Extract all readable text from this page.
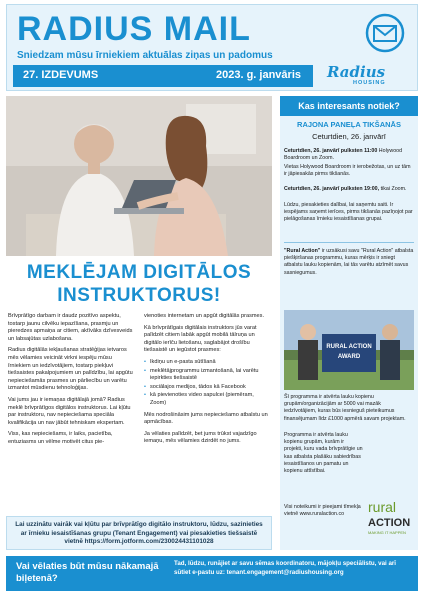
RADIUS MAIL
Sniedzam mūsu īrniekiem aktuālas ziņas un padomus
27. IZDEVUMS	2023. g. janvāris Radius
HOUSING
MEKLĒJAM DIGITĀLOS
INSTRUKTORUS!

Brīvprātīgo darbam ir daudz pozitīvo aspektu, tostarp jaunu cilvēku iepazīšana, prasmju un pieredzes apmaiņa ar citiem, aktīvāks dzīvesveids un labsajūtas uzlabošana.

Radius digitālās iekļaušanas stratēģijas ietvaros mēs vēlamies veicināt virkni iespēju mūsu īrniekiem un iedzīvotājiem, tostarp piekļuvi tiešsaistes pakalpojumiem un palīdzību, lai apgūtu nepieciešamās prasmes un pārliecību un varētu izmantot mūsdienu tehnoloģijas.

Vai jums jau ir iemaņas digitālajā jomā? Radius meklē brīvprātīgos digitālos instruktorus. Lai kļūtu par instruktoru, nav nepieciešama speciāla kvalifikācija un nav jābūt tehniskam ekspertam.

Viss, kas nepieciešams, ir laiks, pacietība, entuziasms un vēlme motivēt citus pie-

vienoties internetam un apgūt digitālās prasmes.

Kā brīvprātīgais digitālais instruktors jūs varat palīdzēt citiem labāk apgūt mobilā tālruņa un digitālo ierīču lietošanu, saglabājot drošību tiešsaistē un iegūstot prasmes:

• Ikdiņu un e-pasta sūtīšanā
• meklētājprogrammu izmantošanā, lai varētu iepirkties tiešsaistē
• sociālajos medijos, tādos kā Facebook
• kā pievienoties video sapulcei (piemēram, Zoom)

Mēs nodrošināsim jums nepieciešamo atbalstu un apmācības.

Ja vēlaties palīdzēt, bet jums trūkst vajadzīgo iemaņu, mēs vēlamies dzirdēt no jums.

Lai uzzinātu vairāk vai kļūtu par brīvprātīgo digitālo instruktoru, lūdzu, sazinieties ar īrnieku iesaistīšanas grupu (Tenant Engagement) vai piesakieties tiešsaistē vietnē https://form.jotform.com/230024431101028
Kas interesants notiek?
RAJONA PANEĻA TIKŠANĀS
Ceturtdien, 26. janvārī
Ceturtdien, 26. janvārī pulksten 11:00 Holywood Boardroom un Zoom.
Vietas Holywood Boardroom ir ierobežotas, un uz tām ir jāpiesakās pirms tikšanās.
Ceturtdien, 26. janvārī pulksten 19:00, tikai Zoom.
Lūdzu, piesakieties dalībai, lai saņemtu saiti. Ir iespējams saņemt ierīces, pirms tikšanās pazīņojot par pielāgošanas īrnieku iesaistīšanas grupai.
"Rural Action" ir uzsākusi savu "Rural Action" atbalsta piešķiršanas programmu, kuras mērķis ir sniegt atbalstu lauku kopienām, lai tās varētu atzīmēt savus sasniegumus.
RURAL ACTION
AWARD
Šī programma ir atvērta lauku kopienu grupām/organizācijām ar 5000 vai mazāk iedzīvotājiem, kuras būs iesnieguš pieteikumus finansējumam līdz £1000 apmērā savam projektam.
Programma ir atvērta lauku kopienu grupām, kurām ir projekti, kuru vada brīvprātīgie un kas atbalsta plašāku sabiedrības iesaistīšanos un pamatu un kopienu attīstībai.
Visi noteikumi ir pieejami tīmekļa vietnē www.ruralaction.co	rural
ACTION
MAKING IT HAPPEN
Vai vēlaties būt mūsu nākamajā biļetenā?
Tad, lūdzu, runājiet ar savu sēmas koordinatoru, mājokļu speciālistu, vai arī sūtiet e-pastu uz: tenant.engagement@radiushousing.org
